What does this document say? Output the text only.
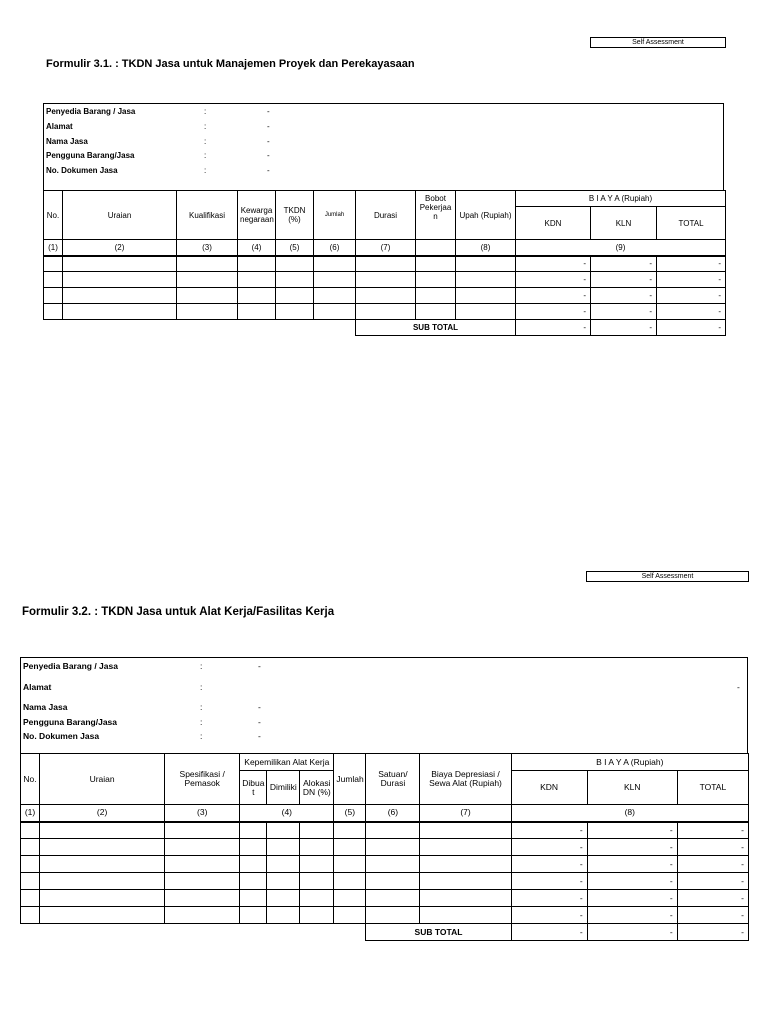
Self Assessment
Formulir 3.1. : TKDN Jasa untuk Manajemen Proyek dan Perekayasaan
Penyedia Barang / Jasa	:	-
Alamat	:	-
Nama Jasa	:	-
Pengguna Barang/Jasa	:	-
No. Dokumen Jasa	:	-
No.	Uraian	Kualifikasi	Kewarga negaraan	TKDN (%)	Jumlah	Durasi	Bobot Pekerjaa n	Upah (Rupiah)	B I A Y A (Rupiah)		
									KDN	KLN	TOTAL
(1)	(2)	(3)	(4)	(5)	(6)	(7)		(8)	(9)		
									-	-	-
									-	-	-
									-	-	-
									-	-	-
						SUB TOTAL			-	-	-
Self Assessment
Formulir 3.2. : TKDN Jasa untuk Alat Kerja/Fasilitas Kerja
Penyedia Barang / Jasa	:	-
Alamat	:	-
Nama Jasa	:	-
Pengguna Barang/Jasa	:	-
No. Dokumen Jasa	:	-
No.	Uraian	Spesifikasi / Pemasok	Kepemilikan Alat Kerja			Jumlah	Satuan/ Durasi	Biaya Depresiasi / Sewa Alat (Rupiah)	B I A Y A (Rupiah)		
			Dibua t	Dimiliki	Alokasi DN (%)				KDN	KLN	TOTAL
(1)	(2)	(3)	(4)			(5)	(6)	(7)	(8)		
									-	-	-
									-	-	-
									-	-	-
									-	-	-
									-	-	-
									-	-	-
							SUB TOTAL		-	-	-
